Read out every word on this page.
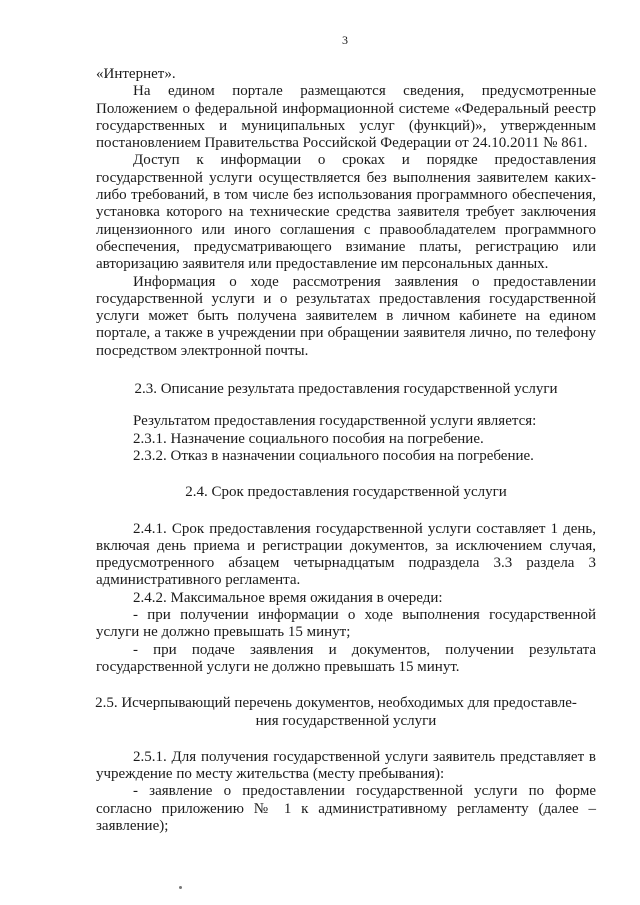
3

«Интернет».

На едином портале размещаются сведения, предусмотренные Положением о федеральной информационной системе «Федеральный реестр государственных и муниципальных услуг (функций)», утвержденным постановлением Правительства Российской Федерации от 24.10.2011 № 861.

Доступ к информации о сроках и порядке предоставления государственной услуги осуществляется без выполнения заявителем каких-либо требований, в том числе без использования программного обеспечения, установка которого на технические средства заявителя требует заключения лицензионного или иного соглашения с правообладателем программного обеспечения, предусматривающего взимание платы, регистрацию или авторизацию заявителя или предоставление им персональных данных.

Информация о ходе рассмотрения заявления о предоставлении государственной услуги и о результатах предоставления государственной услуги может быть получена заявителем в личном кабинете на едином портале, а также в учреждении при обращении заявителя лично, по телефону посредством электронной почты.

2.3. Описание результата предоставления государственной услуги

Результатом предоставления государственной услуги является:

2.3.1. Назначение социального пособия на погребение.

2.3.2. Отказ в назначении социального пособия на погребение.

2.4. Срок предоставления государственной услуги

2.4.1. Срок предоставления государственной услуги составляет 1 день, включая день приема и регистрации документов, за исключением случая, предусмотренного абзацем четырнадцатым подраздела 3.3 раздела 3 административного регламента.

2.4.2. Максимальное время ожидания в очереди:

- при получении информации о ходе выполнения государственной услуги не должно превышать 15 минут;

- при подаче заявления и документов, получении результата государственной услуги не должно превышать 15 минут.

2.5. Исчерпывающий перечень документов, необходимых для предоставле-
ния государственной услуги

2.5.1. Для получения государственной услуги заявитель представляет в учреждение по месту жительства (месту пребывания):

- заявление о предоставлении государственной услуги по форме согласно приложению № 1 к административному регламенту (далее – заявление);
